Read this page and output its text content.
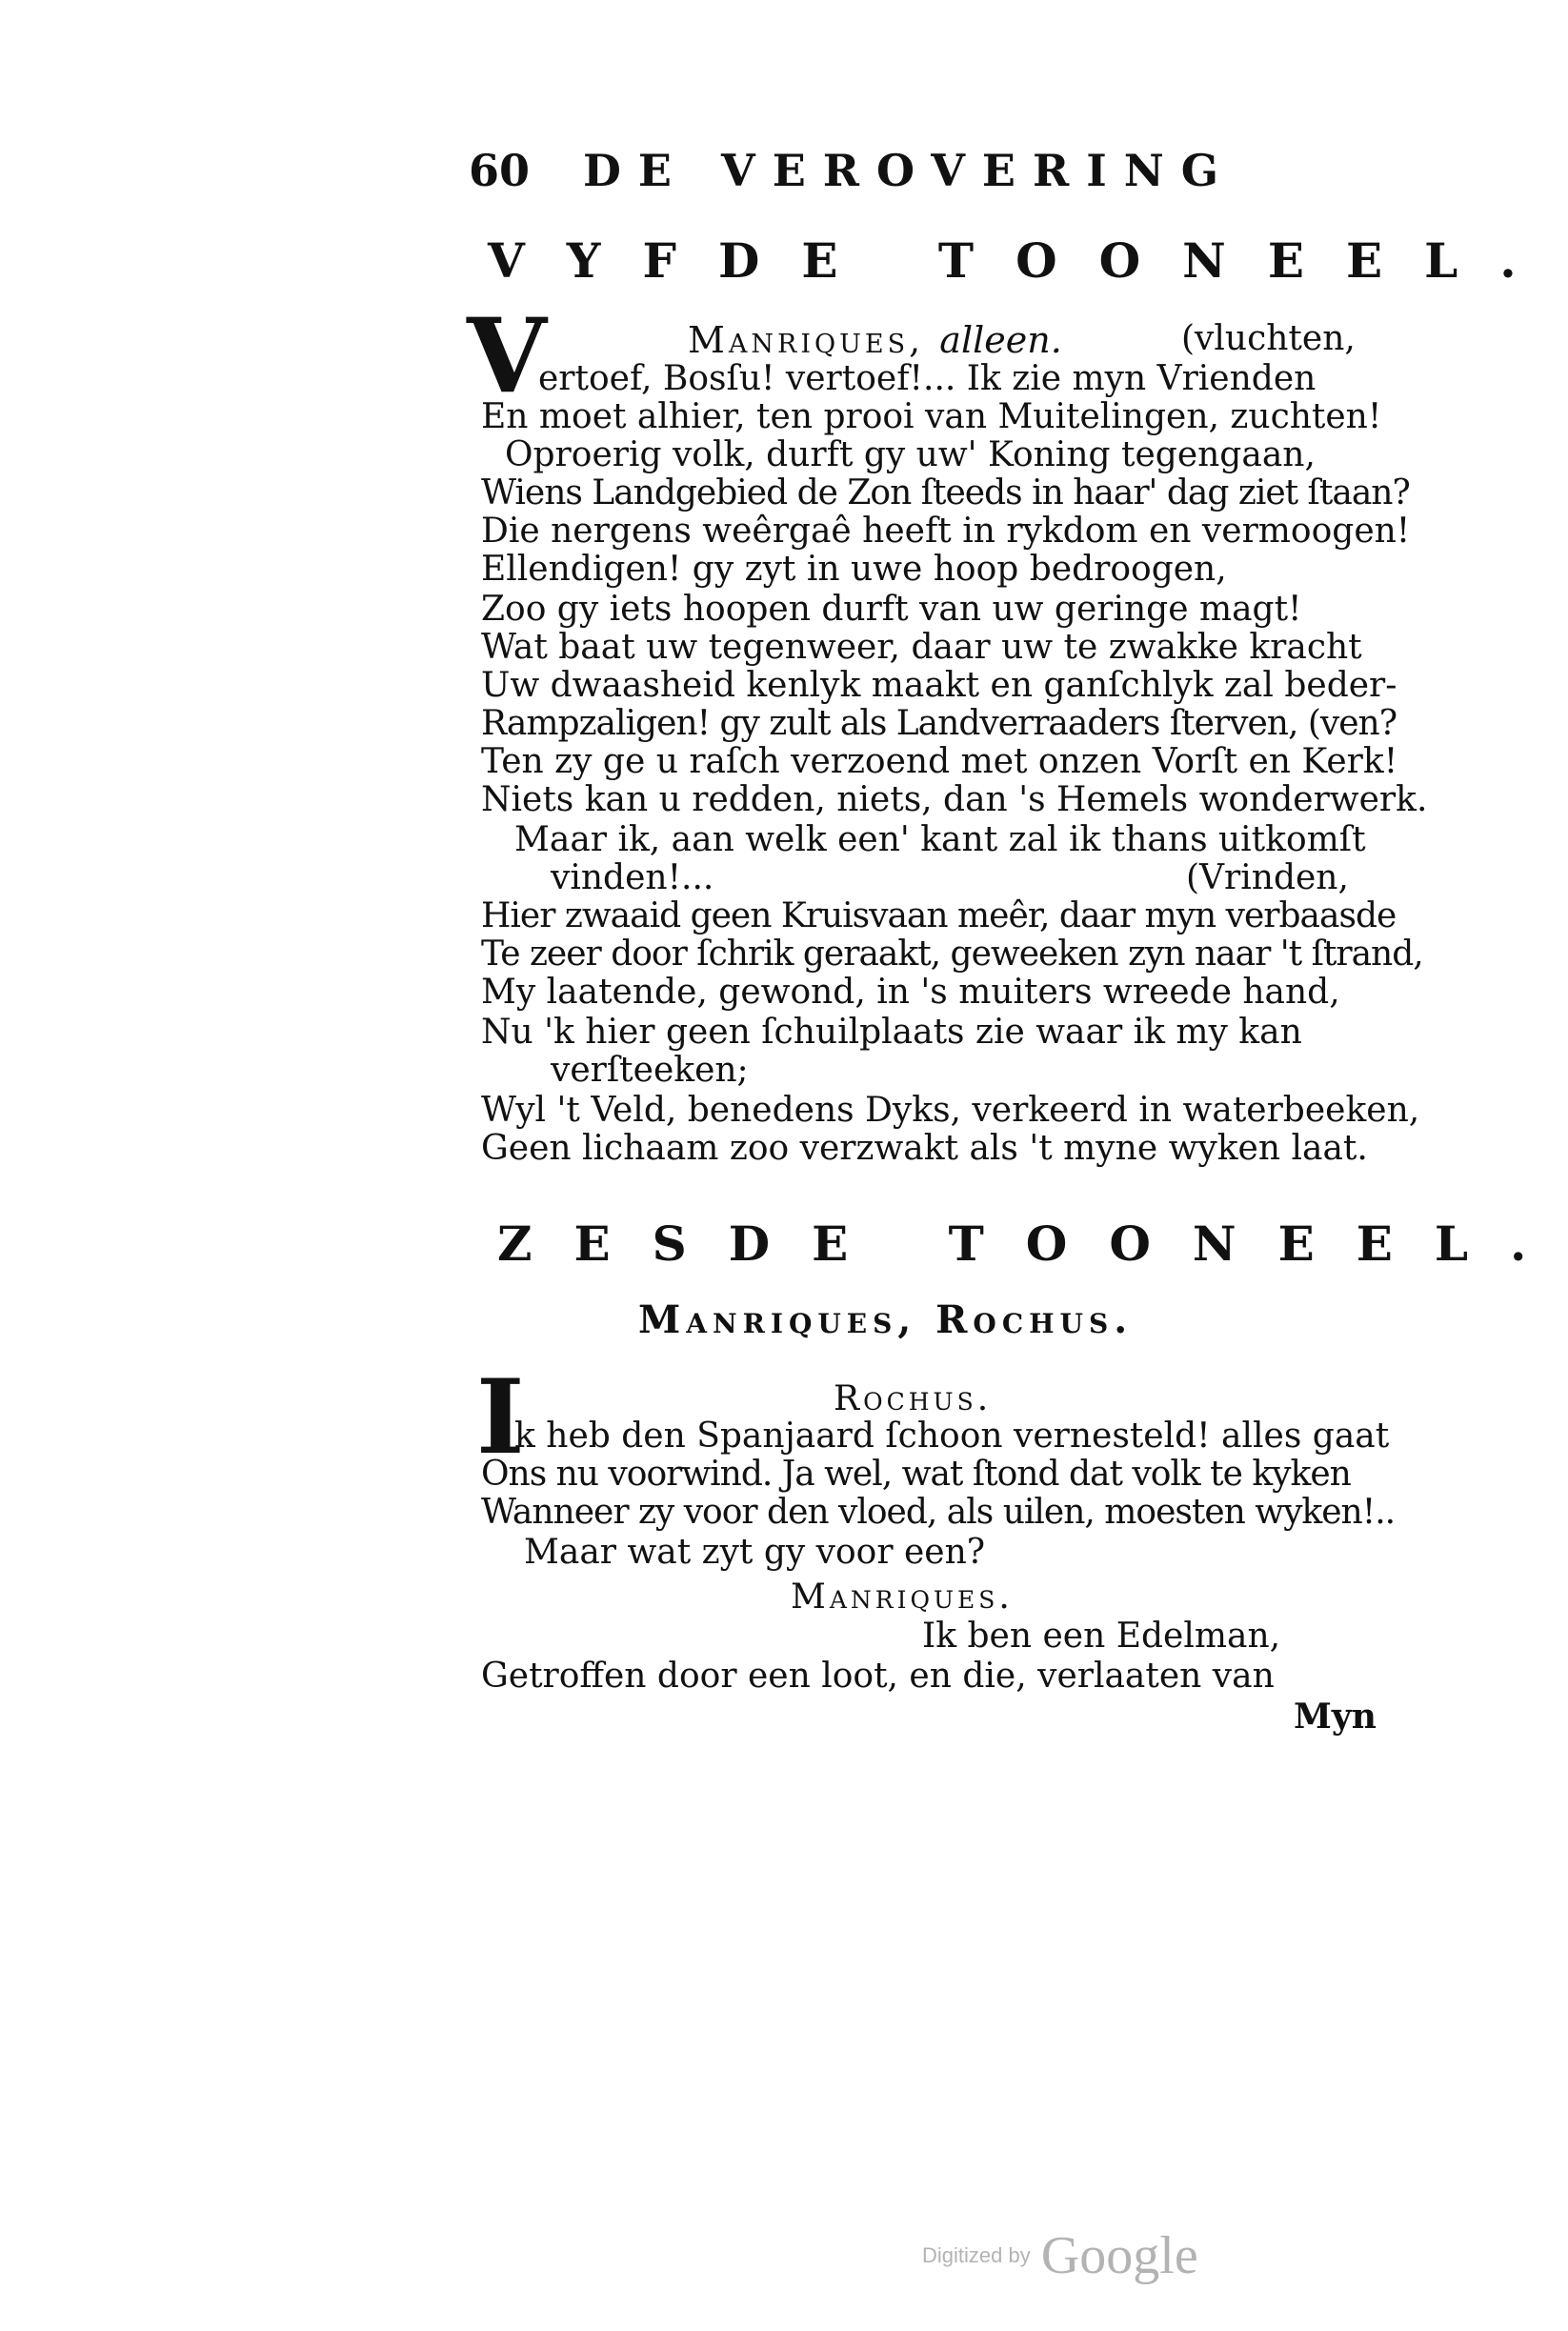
60 DE VEROVERING
VYFDE TOONEEL.
Manriques, alleen.	(vluchten,
V
ertoef, Bosſu! vertoef!... Ik zie myn Vrienden
En moet alhier, ten prooi van Muitelingen, zuchten!
Oproerig volk, durft gy uw' Koning tegengaan,
Wiens Landgebied de Zon ſteeds in haar' dag ziet ſtaan?
Die nergens weêrgaê heeft in rykdom en vermoogen!
Ellendigen! gy zyt in uwe hoop bedroogen,
Zoo gy iets hoopen durft van uw geringe magt!
Wat baat uw tegenweer, daar uw te zwakke kracht
Uw dwaasheid kenlyk maakt en ganſchlyk zal beder-
Rampzaligen! gy zult als Landverraaders ſterven, (ven?
Ten zy ge u raſch verzoend met onzen Vorſt en Kerk!
Niets kan u redden, niets, dan 's Hemels wonderwerk.
Maar ik, aan welk een' kant zal ik thans uitkomſt
vinden!...	(Vrinden,
Hier zwaaid geen Kruisvaan meêr, daar myn verbaasde
Te zeer door ſchrik geraakt, geweeken zyn naar 't ſtrand,
My laatende, gewond, in 's muiters wreede hand,
Nu 'k hier geen ſchuilplaats zie waar ik my kan
verſteeken;
Wyl 't Veld, benedens Dyks, verkeerd in waterbeeken,
Geen lichaam zoo verzwakt als 't myne wyken laat.
ZESDE TOONEEL.
Manriques, Rochus.
I	Rochus.
k heb den Spanjaard ſchoon vernesteld! alles gaat
Ons nu voorwind. Ja wel, wat ſtond dat volk te kyken
Wanneer zy voor den vloed, als uilen, moesten wyken!..
Maar wat zyt gy voor een?
Manriques.
Ik ben een Edelman,
Getroffen door een loot, en die, verlaaten van
Myn
Digitized by Google
